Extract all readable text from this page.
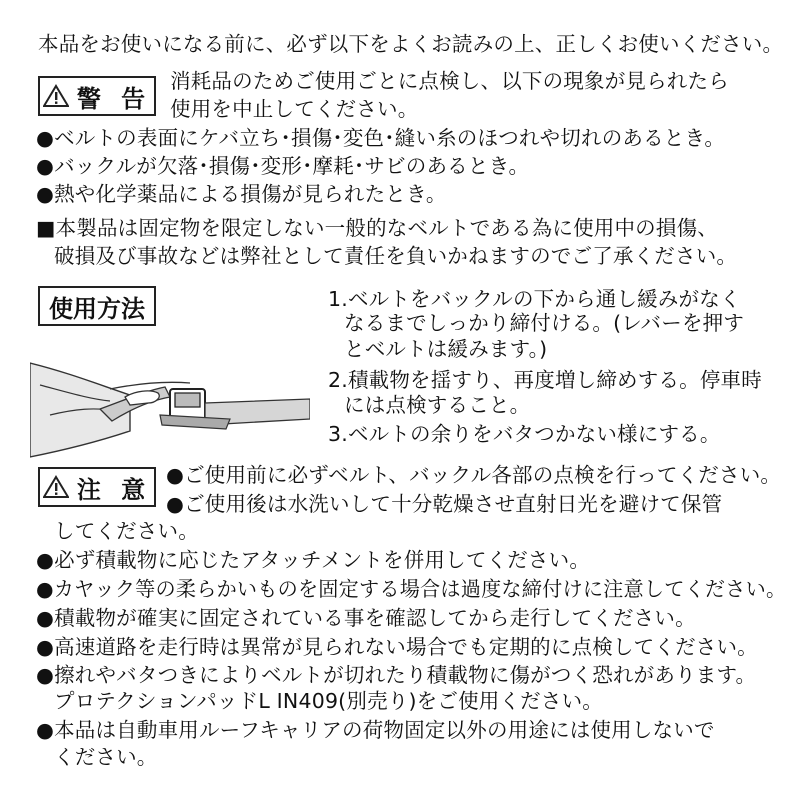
本品をお使いになる前に、必ず以下をよくお読みの上、正しくお使いください。
警 告
消耗品のためご使用ごとに点検し、以下の現象が見られたら
使用を中止してください。
●ベルトの表面にケバ立ち･損傷･変色･縫い糸のほつれや切れのあるとき。
●バックルが欠落･損傷･変形･摩耗･サビのあるとき。
●熱や化学薬品による損傷が見られたとき。
■本製品は固定物を限定しない一般的なベルトである為に使用中の損傷、
破損及び事故などは弊社として責任を負いかねますのでご了承ください。
使用方法	1.ベルトをバックルの下から通し緩みがなく
なるまでしっかり締付ける。(レバーを押す
とベルトは緩みます。)
2.積載物を揺すり、再度増し締めする。停車時
には点検すること。
3.ベルトの余りをバタつかない様にする。
注 意
●ご使用前に必ずベルト、バックル各部の点検を行ってください。
●ご使用後は水洗いして十分乾燥させ直射日光を避けて保管
してください。
●必ず積載物に応じたアタッチメントを併用してください。
●カヤック等の柔らかいものを固定する場合は過度な締付けに注意してください。
●積載物が確実に固定されている事を確認してから走行してください。
●高速道路を走行時は異常が見られない場合でも定期的に点検してください。
●擦れやバタつきによりベルトが切れたり積載物に傷がつく恐れがあります。
プロテクションパッドL IN409(別売り)をご使用ください。
●本品は自動車用ルーフキャリアの荷物固定以外の用途には使用しないで
ください。
